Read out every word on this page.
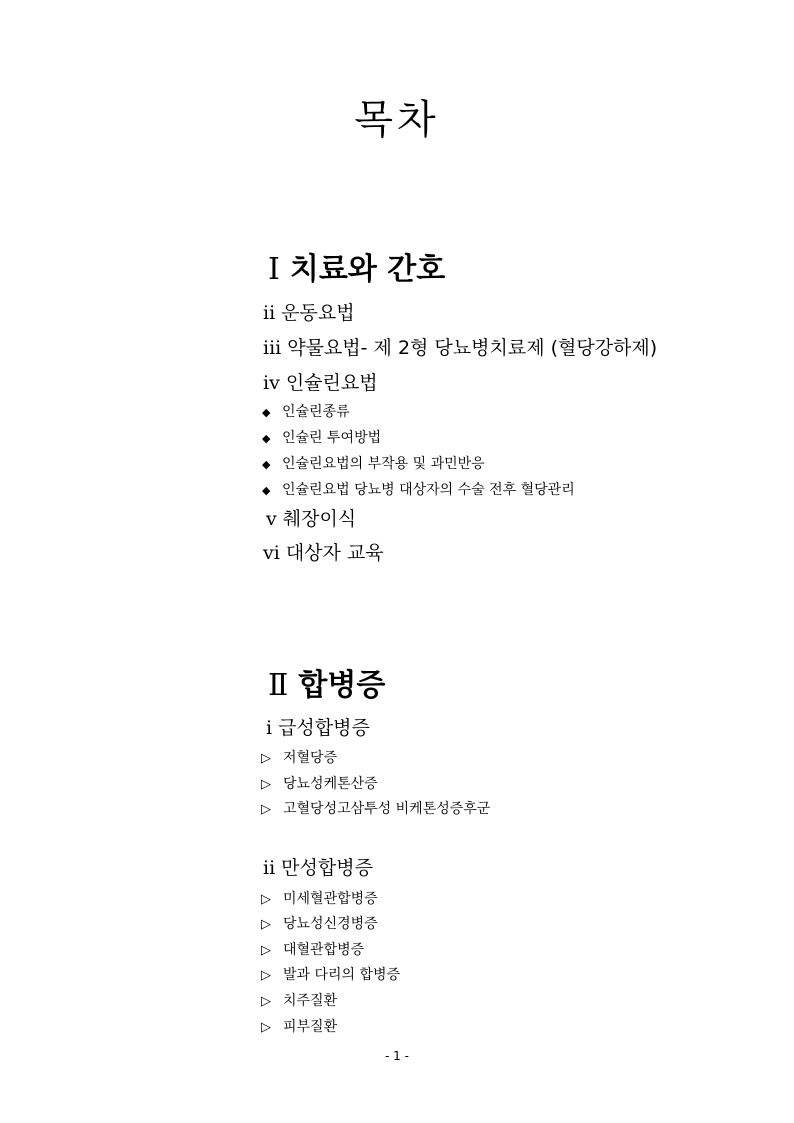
목차
Ⅰ 치료와 간호
ii 운동요법
iii 약물요법- 제 2형 당뇨병치료제 (혈당강하제)
iv 인슐린요법
◆ 인슐린종류
◆ 인슐린 투여방법
◆ 인슐린요법의 부작용 및 과민반응
◆ 인슐린요법 당뇨병 대상자의 수술 전후 혈당관리
v 췌장이식
vi 대상자 교육
Ⅱ 합병증
i 급성합병증
▷ 저혈당증
▷ 당뇨성케톤산증
▷ 고혈당성고삼투성 비케톤성증후군
ii 만성합병증
▷ 미세혈관합병증
▷ 당뇨성신경병증
▷ 대혈관합병증
▷ 발과 다리의 합병증
▷ 치주질환
▷ 피부질환
- 1 -
